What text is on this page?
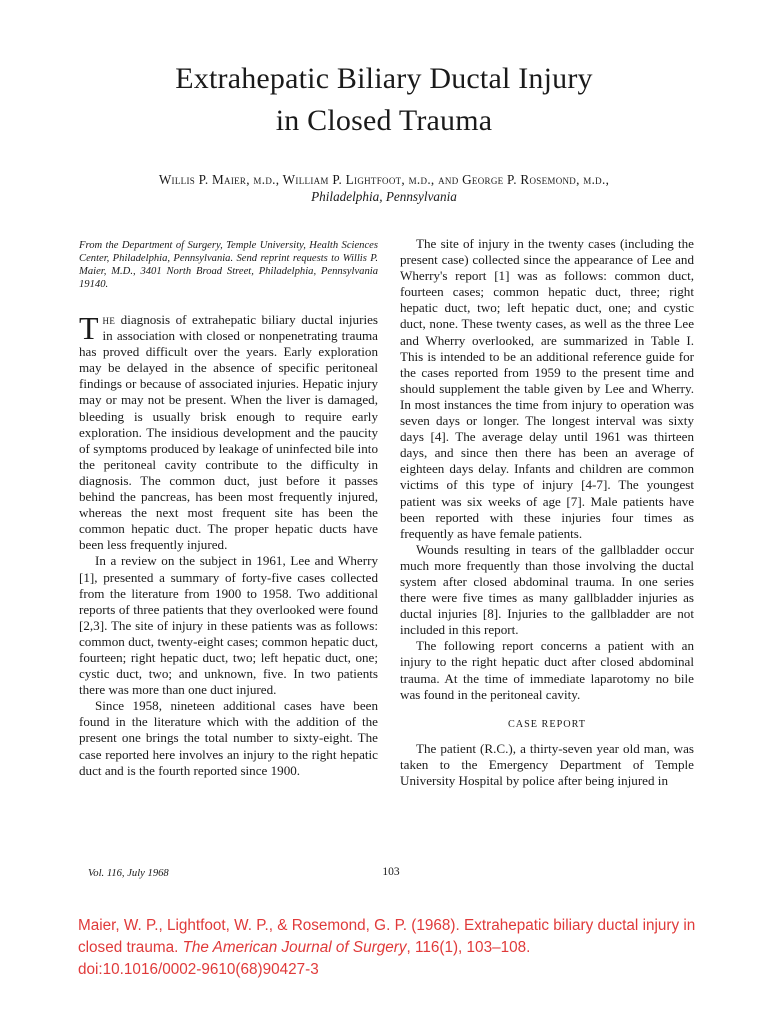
Extrahepatic Biliary Ductal Injury
in Closed Trauma
Willis P. Maier, m.d., William P. Lightfoot, m.d., and George P. Rosemond, m.d.,
Philadelphia, Pennsylvania
From the Department of Surgery, Temple University, Health Sciences Center, Philadelphia, Pennsylvania. Send reprint requests to Willis P. Maier, M.D., 3401 North Broad Street, Philadelphia, Pennsylvania 19140.

The diagnosis of extrahepatic biliary ductal injuries in association with closed or nonpenetrating trauma has proved difficult over the years. Early exploration may be delayed in the absence of specific peritoneal findings or because of associated injuries. Hepatic injury may or may not be present. When the liver is damaged, bleeding is usually brisk enough to require early exploration. The insidious development and the paucity of symptoms produced by leakage of uninfected bile into the peritoneal cavity contribute to the difficulty in diagnosis. The common duct, just before it passes behind the pancreas, has been most frequently injured, whereas the next most frequent site has been the common hepatic duct. The proper hepatic ducts have been less frequently injured.

In a review on the subject in 1961, Lee and Wherry [1], presented a summary of forty-five cases collected from the literature from 1900 to 1958. Two additional reports of three patients that they overlooked were found [2,3]. The site of injury in these patients was as follows: common duct, twenty-eight cases; common hepatic duct, fourteen; right hepatic duct, two; left hepatic duct, one; cystic duct, two; and unknown, five. In two patients there was more than one duct injured.

Since 1958, nineteen additional cases have been found in the literature which with the addition of the present one brings the total number to sixty-eight. The case reported here involves an injury to the right hepatic duct and is the fourth reported since 1900.

The site of injury in the twenty cases (including the present case) collected since the appearance of Lee and Wherry's report [1] was as follows: common duct, fourteen cases; common hepatic duct, three; right hepatic duct, two; left hepatic duct, one; and cystic duct, none. These twenty cases, as well as the three Lee and Wherry overlooked, are summarized in Table I. This is intended to be an additional reference guide for the cases reported from 1959 to the present time and should supplement the table given by Lee and Wherry. In most instances the time from injury to operation was seven days or longer. The longest interval was sixty days [4]. The average delay until 1961 was thirteen days, and since then there has been an average of eighteen days delay. Infants and children are common victims of this type of injury [4-7]. The youngest patient was six weeks of age [7]. Male patients have been reported with these injuries four times as frequently as have female patients.

Wounds resulting in tears of the gallbladder occur much more frequently than those involving the ductal system after closed abdominal trauma. In one series there were five times as many gallbladder injuries as ductal injuries [8]. Injuries to the gallbladder are not included in this report.

The following report concerns a patient with an injury to the right hepatic duct after closed abdominal trauma. At the time of immediate laparotomy no bile was found in the peritoneal cavity.

CASE REPORT

The patient (R.C.), a thirty-seven year old man, was taken to the Emergency Department of Temple University Hospital by police after being injured in

Vol. 116, July 1968	103
Maier, W. P., Lightfoot, W. P., & Rosemond, G. P. (1968). Extrahepatic biliary ductal injury in closed trauma. The American Journal of Surgery, 116(1), 103–108.
doi:10.1016/0002-9610(68)90427-3
